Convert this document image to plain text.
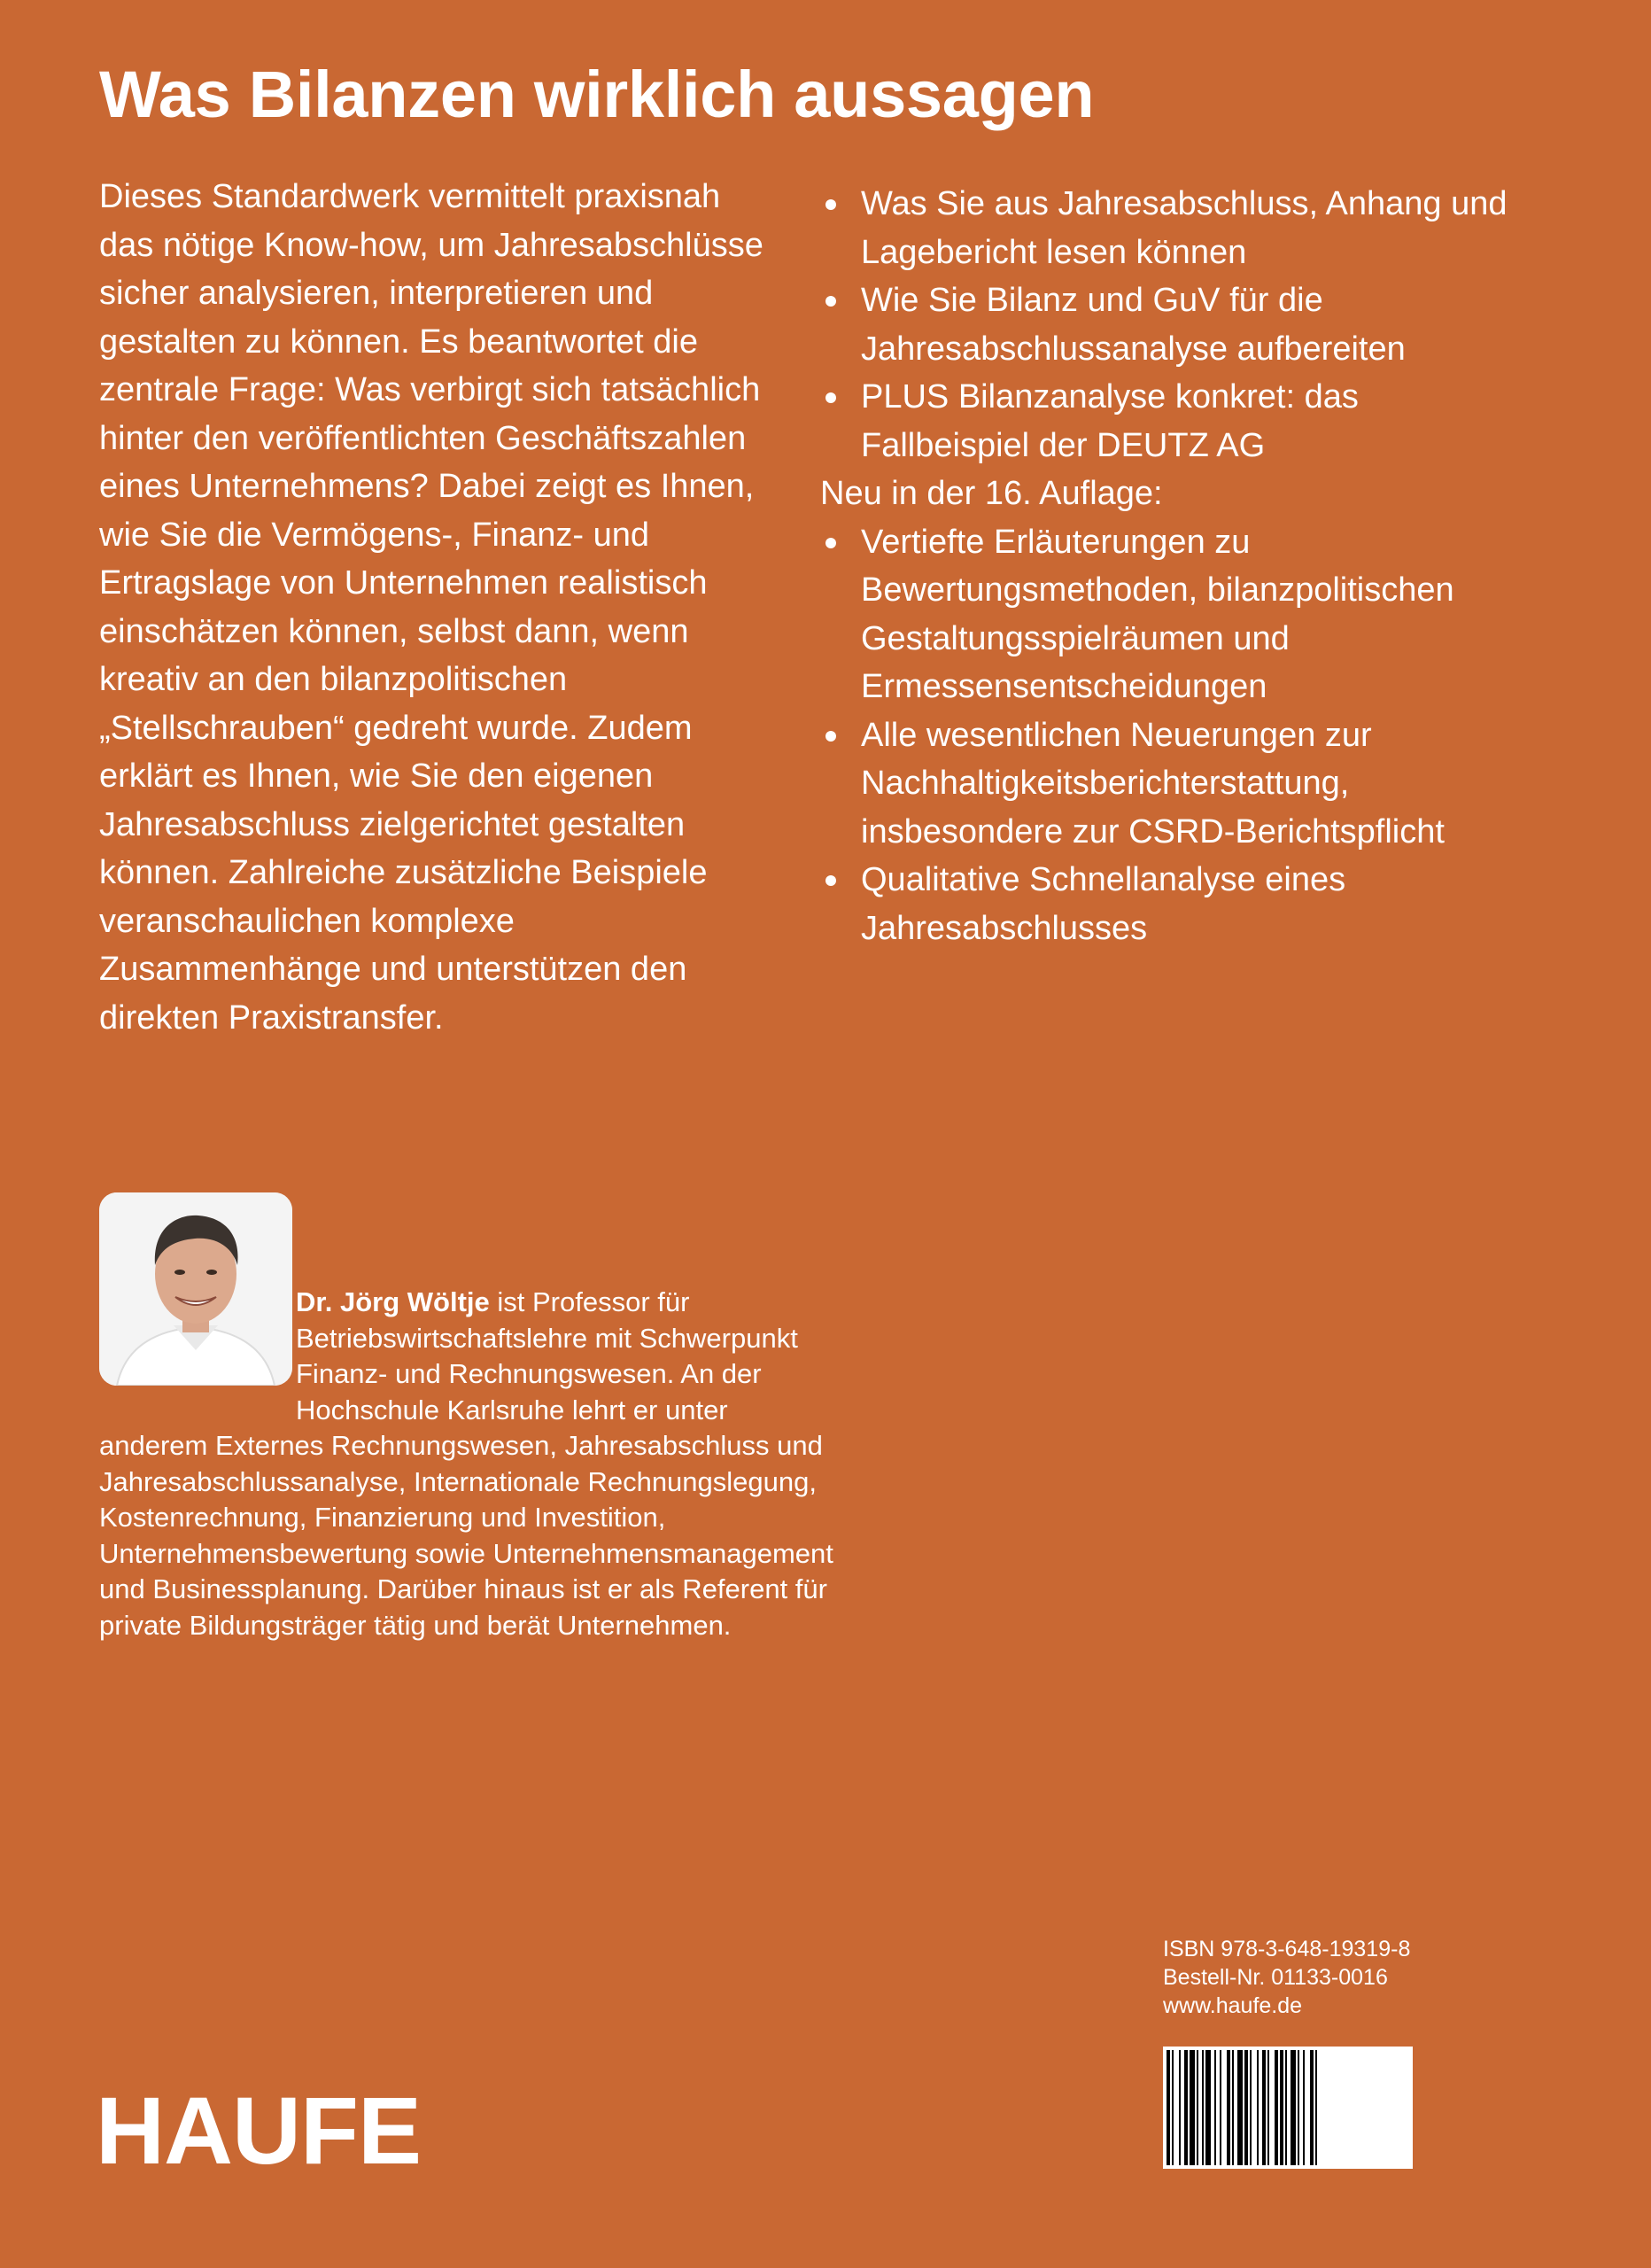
Was Bilanzen wirklich aussagen

Dieses Standardwerk vermittelt praxisnah das nötige Know-how, um Jahresabschlüsse sicher analysieren, interpretieren und gestalten zu können. Es beantwortet die zentrale Frage: Was verbirgt sich tatsächlich hinter den veröffentlichten Geschäftszahlen eines Unternehmens? Dabei zeigt es Ihnen, wie Sie die Vermögens-, Finanz- und Ertragslage von Unternehmen realistisch einschätzen können, selbst dann, wenn kreativ an den bilanzpolitischen „Stellschrauben“ gedreht wurde. Zudem erklärt es Ihnen, wie Sie den eigenen Jahresabschluss zielgerichtet gestalten können. Zahlreiche zusätzliche Beispiele veranschaulichen komplexe Zusammenhänge und unterstützen den direkten Praxistransfer.

Was Sie aus Jahresabschluss, Anhang und Lagebericht lesen können
Wie Sie Bilanz und GuV für die Jahresabschlussanalyse aufbereiten
PLUS Bilanzanalyse konkret: das Fallbeispiel der DEUTZ AG

Neu in der 16. Auflage:

Vertiefte Erläuterungen zu Bewertungsmethoden, bilanzpolitischen Gestaltungsspielräumen und Ermessensentscheidungen
Alle wesentlichen Neuerungen zur Nachhaltigkeitsberichterstattung, insbesondere zur CSRD-Berichtspflicht
Qualitative Schnellanalyse eines Jahresabschlusses

Dr. Jörg Wöltje ist Professor für Betriebswirtschaftslehre mit Schwerpunkt Finanz- und Rechnungswesen. An der Hochschule Karlsruhe lehrt er unter anderem Externes Rechnungswesen, Jahresabschluss und Jahresabschlussanalyse, Internationale Rechnungslegung, Kostenrechnung, Finanzierung und Investition, Unternehmensbewertung sowie Unternehmensmanagement und Businessplanung. Darüber hinaus ist er als Referent für private Bildungsträger tätig und berät Unternehmen.

ISBN 978-3-648-19319-8
Bestell-Nr. 01133-0016
www.haufe.de
HAUFE
